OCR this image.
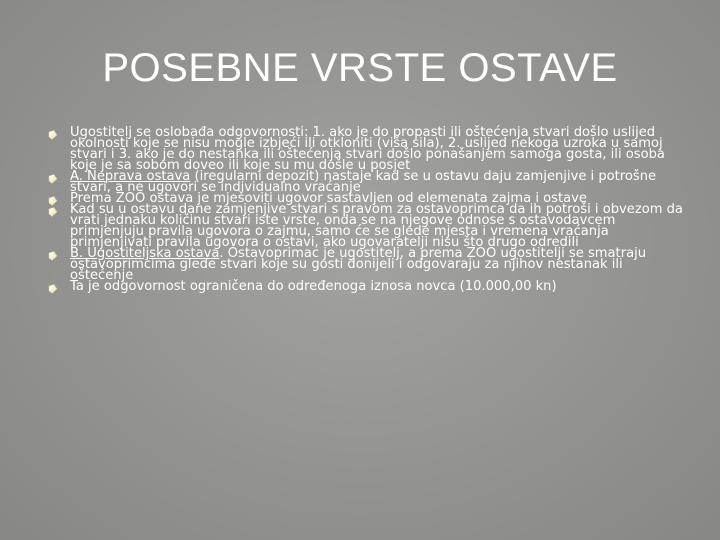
POSEBNE VRSTE OSTAVE
Ugostitelj se oslobađa odgovornosti: 1. ako je do propasti ili oštećenja stvari došlo uslijed okolnosti koje se nisu mogle izbjeći ili otkloniti (viša sila), 2. uslijed nekoga uzroka u samoj stvari i 3. ako je do nestanka ili oštećenja stvari došlo ponašanjem samoga gosta, ili osoba koje je sa sobom doveo ili koje su mu došle u posjet
A. Neprava ostava (iregularni depozit) nastaje kad se u ostavu daju zamjenjive i potrošne stvari, a ne ugovori se individualno vraćanje
Prema ZOO ostava je mješoviti ugovor sastavljen od elemenata zajma i ostave
Kad su u ostavu dane zamjenjive stvari s pravom za ostavoprimca da ih potroši i obvezom da vrati jednaku količinu stvari iste vrste, onda se na njegove odnose s ostavodavcem primjenjuju pravila ugovora o zajmu, samo će se glede mjesta i vremena vraćanja primjenjivati pravila ugovora o ostavi, ako ugovaratelji nisu što drugo odredili
B. Ugostiteljska ostava. Ostavoprimac je ugostitelj, a prema ZOO ugostitelji se smatraju ostavoprimcima glede stvari koje su gosti donijeli i odgovaraju za njihov nestanak ili oštećenje
Ta je odgovornost ograničena do određenoga iznosa novca (10.000,00 kn)
